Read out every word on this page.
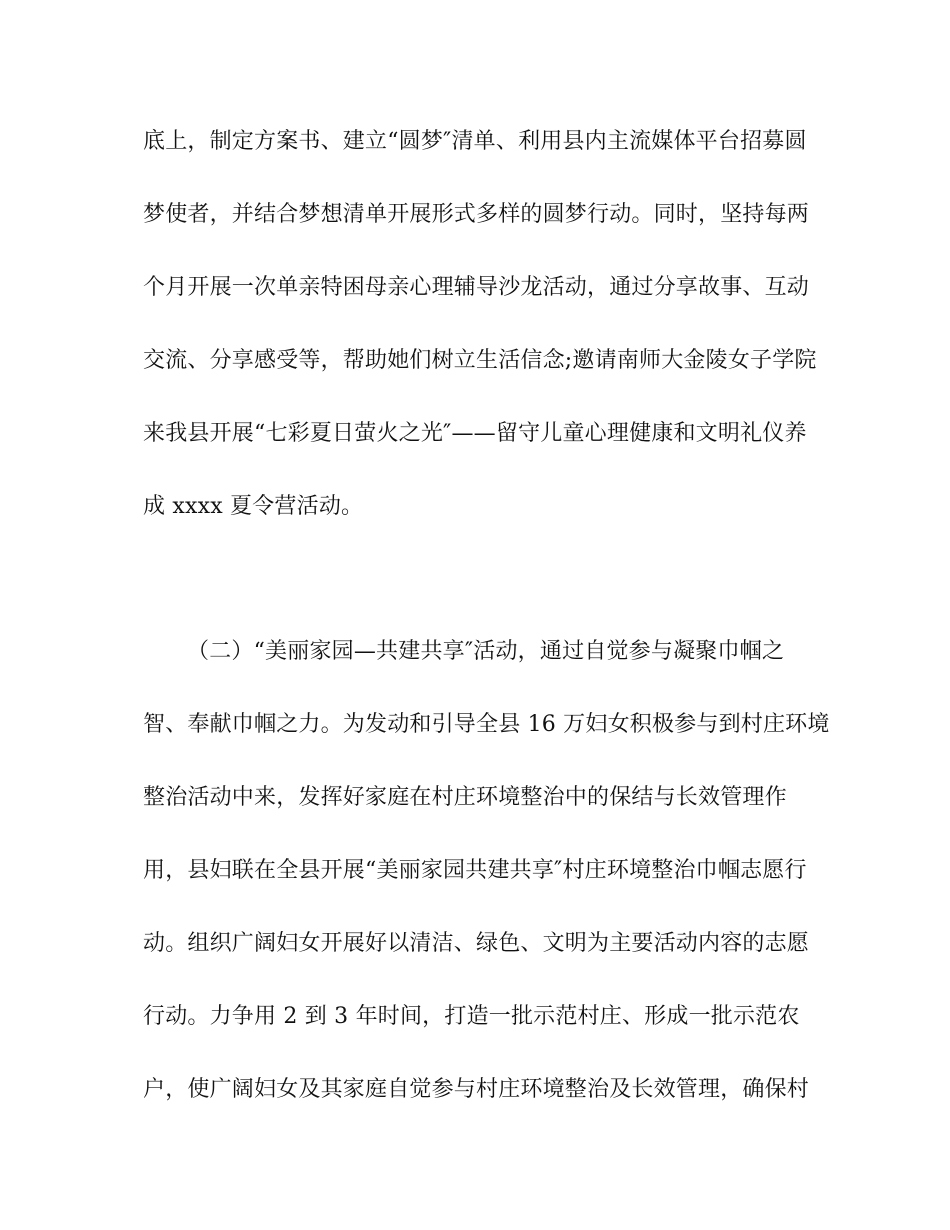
底上，制定方案书、建立“圆梦″清单、利用县内主流媒体平台招募圆
梦使者，并结合梦想清单开展形式多样的圆梦行动。同时，坚持每两
个月开展一次单亲特困母亲心理辅导沙龙活动，通过分享故事、互动
交流、分享感受等，帮助她们树立生活信念;邀请南师大金陵女子学院
来我县开展“七彩夏日萤火之光″——留守儿童心理健康和文明礼仪养
成 xxxx 夏令营活动。
（二）“美丽家园—共建共享″活动，通过自觉参与凝聚巾帼之
智、奉献巾帼之力。为发动和引导全县 16 万妇女积极参与到村庄环境
整治活动中来，发挥好家庭在村庄环境整治中的保结与长效管理作
用，县妇联在全县开展“美丽家园共建共享″村庄环境整治巾帼志愿行
动。组织广阔妇女开展好以清洁、绿色、文明为主要活动内容的志愿
行动。力争用 2 到 3 年时间，打造一批示范村庄、形成一批示范农
户，使广阔妇女及其家庭自觉参与村庄环境整治及长效管理，确保村
